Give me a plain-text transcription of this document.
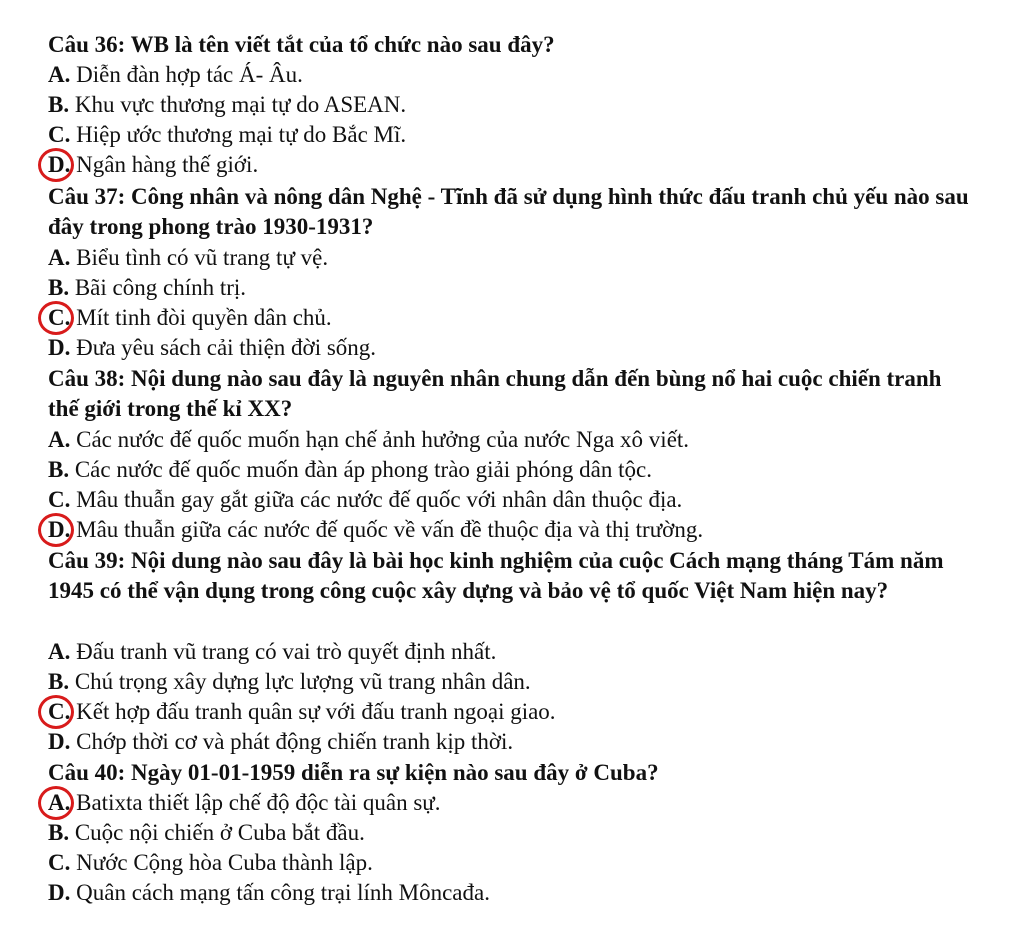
Câu 36: WB là tên viết tắt của tổ chức nào sau đây?
A. Diễn đàn hợp tác Á- Âu.
B. Khu vực thương mại tự do ASEAN.
C. Hiệp ước thương mại tự do Bắc Mĩ.
D. Ngân hàng thế giới.
Câu 37: Công nhân và nông dân Nghệ - Tĩnh đã sử dụng hình thức đấu tranh chủ yếu nào sau đây trong phong trào 1930-1931?
A. Biểu tình có vũ trang tự vệ.
B. Bãi công chính trị.
C. Mít tinh đòi quyền dân chủ.
D. Đưa yêu sách cải thiện đời sống.
Câu 38: Nội dung nào sau đây là nguyên nhân chung dẫn đến bùng nổ hai cuộc chiến tranh thế giới trong thế kỉ XX?
A. Các nước đế quốc muốn hạn chế ảnh hưởng của nước Nga xô viết.
B. Các nước đế quốc muốn đàn áp phong trào giải phóng dân tộc.
C. Mâu thuẫn gay gắt giữa các nước đế quốc với nhân dân thuộc địa.
D. Mâu thuẫn giữa các nước đế quốc về vấn đề thuộc địa và thị trường.
Câu 39: Nội dung nào sau đây là bài học kinh nghiệm của cuộc Cách mạng tháng Tám năm 1945 có thể vận dụng trong công cuộc xây dựng và bảo vệ tổ quốc Việt Nam hiện nay?
A. Đấu tranh vũ trang có vai trò quyết định nhất.
B. Chú trọng xây dựng lực lượng vũ trang nhân dân.
C. Kết hợp đấu tranh quân sự với đấu tranh ngoại giao.
D. Chớp thời cơ và phát động chiến tranh kịp thời.
Câu 40: Ngày 01-01-1959 diễn ra sự kiện nào sau đây ở Cuba?
A. Batixta thiết lập chế độ độc tài quân sự.
B. Cuộc nội chiến ở Cuba bắt đầu.
C. Nước Cộng hòa Cuba thành lập.
D. Quân cách mạng tấn công trại lính Môncađa.
